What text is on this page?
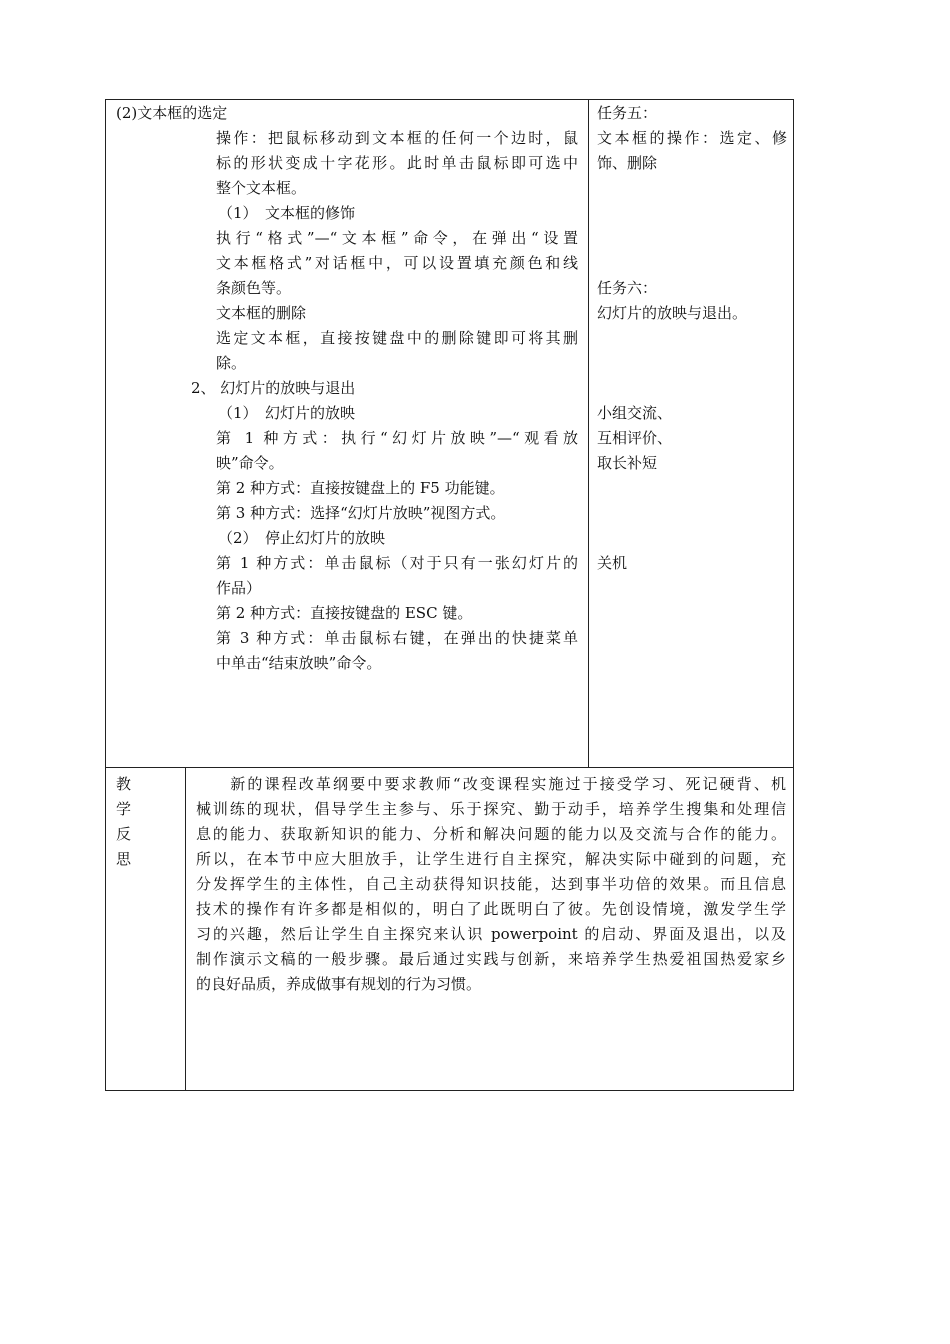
(2)文本框的选定
操作：把鼠标移动到文本框的任何一个边时，鼠
标的形状变成十字花形。此时单击鼠标即可选中
整个文本框。
（1）　文本框的修饰
执行“格式”—“文本框”命令，在弹出“设置
文本框格式”对话框中，可以设置填充颜色和线
条颜色等。
文本框的删除
选定文本框，直接按键盘中的删除键即可将其删
除。
2、 幻灯片的放映与退出
（1）　幻灯片的放映
第 1 种方式：执行“幻灯片放映”—“观看放
映”命令。
第 2 种方式：直接按键盘上的 F5 功能键。
第 3 种方式：选择“幻灯片放映”视图方式。
（2）　停止幻灯片的放映
第 1 种方式：单击鼠标（对于只有一张幻灯片的
作品）
第 2 种方式：直接按键盘的 ESC 键。
第 3 种方式：单击鼠标右键，在弹出的快捷菜单
中单击“结束放映”命令。
任务五：
文本框的操作：选定、修
饰、删除
任务六：
幻灯片的放映与退出。
小组交流、
互相评价、
取长补短
关机
教
学
反
思
　　新的课程改革纲要中要求教师“改变课程实施过于接受学习、死记硬背、机
械训练的现状，倡导学生主参与、乐于探究、勤于动手，培养学生搜集和处理信
息的能力、获取新知识的能力、分析和解决问题的能力以及交流与合作的能力。
所以，在本节中应大胆放手，让学生进行自主探究，解决实际中碰到的问题，充
分发挥学生的主体性，自己主动获得知识技能，达到事半功倍的效果。而且信息
技术的操作有许多都是相似的，明白了此既明白了彼。先创设情境，激发学生学
习的兴趣，然后让学生自主探究来认识 powerpoint 的启动、界面及退出，以及
制作演示文稿的一般步骤。最后通过实践与创新，来培养学生热爱祖国热爱家乡
的良好品质，养成做事有规划的行为习惯。
